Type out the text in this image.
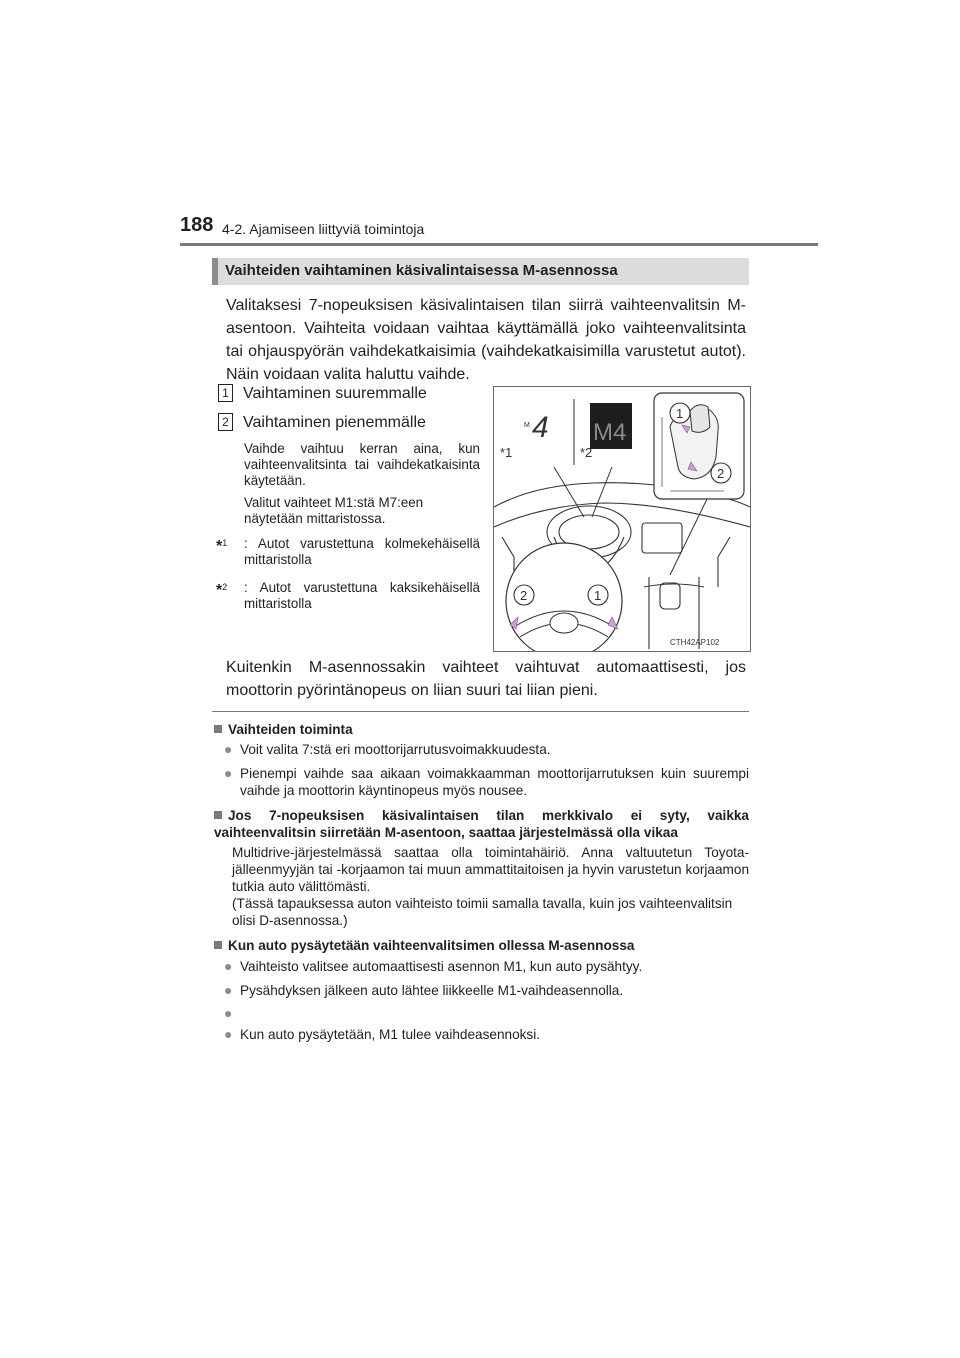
188 4-2. Ajamiseen liittyviä toimintoja
Vaihteiden vaihtaminen käsivalintaisessa M-asennossa
Valitaksesi 7-nopeuksisen käsivalintaisen tilan siirrä vaihteenvalitsin M-asentoon. Vaihteita voidaan vaihtaa käyttämällä joko vaihteenvalitsinta tai ohjauspyörän vaihdekatkaisimia (vaihdekatkaisimilla varustetut autot). Näin voidaan valita haluttu vaihde.
1 Vaihtaminen suuremmalle
2 Vaihtaminen pienemmälle
Vaihde vaihtuu kerran aina, kun vaihteenvalitsinta tai vaihdekatkaisinta käytetään.
Valitut vaihteet M1:stä M7:een näytetään mittaristossa.
*$^1$ : Autot varustettuna kolmekehäisellä mittaristolla
*$^2$ : Autot varustettuna kaksikehäisellä mittaristolla
M 4
*1
M4
*2
1
2
2	1
CTH42AP102
Kuitenkin M-asennossakin vaihteet vaihtuvat automaattisesti, jos moottorin pyörintänopeus on liian suuri tai liian pieni.
Vaihteiden toiminta
● Voit valita 7:stä eri moottorijarrutusvoimakkuudesta.
● Pienempi vaihde saa aikaan voimakkaamman moottorijarrutuksen kuin suurempi vaihde ja moottorin käyntinopeus myös nousee.
Jos 7-nopeuksisen käsivalintaisen tilan merkkivalo ei syty, vaikka vaihteenvalitsin siirretään M-asentoon, saattaa järjestelmässä olla vikaa
Multidrive-järjestelmässä saattaa olla toimintahäiriö. Anna valtuutetun Toyota-jälleenmyyjän tai -korjaamon tai muun ammattitaitoisen ja hyvin varustetun korjaamon tutkia auto välittömästi.
(Tässä tapauksessa auton vaihteisto toimii samalla tavalla, kuin jos vaihteenvalitsin olisi D-asennossa.)
Kun auto pysäytetään vaihteenvalitsimen ollessa M-asennossa
● Vaihteisto valitsee automaattisesti asennon M1, kun auto pysähtyy.
● Pysähdyksen jälkeen auto lähtee liikkeelle M1-vaihdeasennolla.
●
● Kun auto pysäytetään, M1 tulee vaihdeasennoksi.
